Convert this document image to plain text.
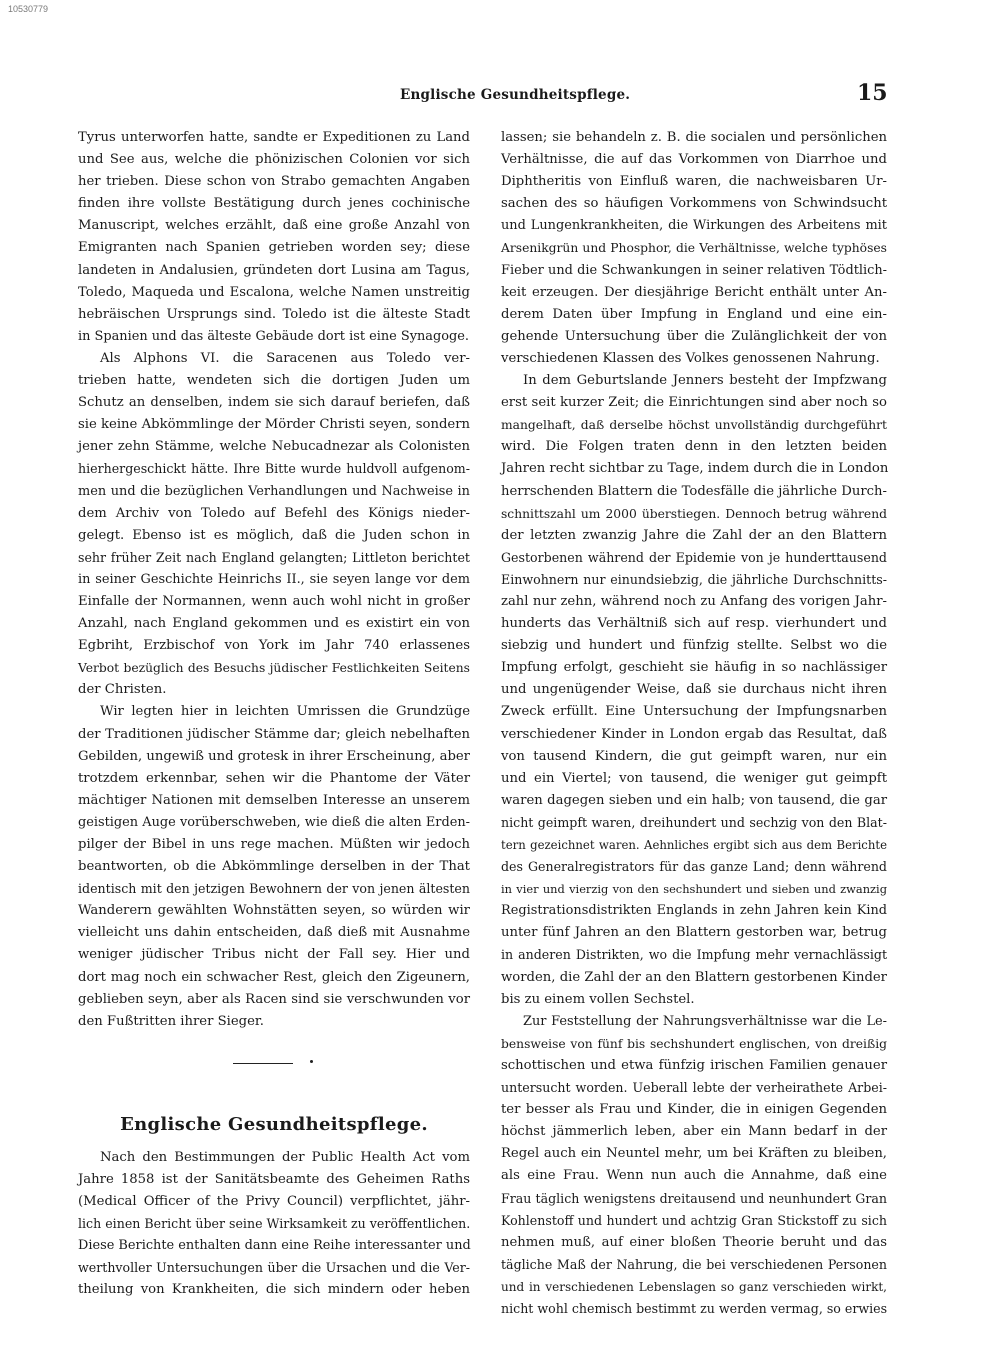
10530779
Englische Gesundheitspflege.	15
Tyrus unterworfen hatte, sandte er Expeditionen zu Land
und See aus, welche die phönizischen Colonien vor sich
her trieben. Diese schon von Strabo gemachten Angaben
finden ihre vollste Bestätigung durch jenes cochinische
Manuscript, welches erzählt, daß eine große Anzahl von
Emigranten nach Spanien getrieben worden sey; diese
landeten in Andalusien, gründeten dort Lusina am Tagus,
Toledo, Maqueda und Escalona, welche Namen unstreitig
hebräischen Ursprungs sind. Toledo ist die älteste Stadt
in Spanien und das älteste Gebäude dort ist eine Synagoge.
Als Alphons VI. die Saracenen aus Toledo ver-
trieben hatte, wendeten sich die dortigen Juden um
Schutz an denselben, indem sie sich darauf beriefen, daß
sie keine Abkömmlinge der Mörder Christi seyen, sondern
jener zehn Stämme, welche Nebucadnezar als Colonisten
hierhergeschickt hätte. Ihre Bitte wurde huldvoll aufgenom-
men und die bezüglichen Verhandlungen und Nachweise in
dem Archiv von Toledo auf Befehl des Königs nieder-
gelegt. Ebenso ist es möglich, daß die Juden schon in
sehr früher Zeit nach England gelangten; Littleton berichtet
in seiner Geschichte Heinrichs II., sie seyen lange vor dem
Einfalle der Normannen, wenn auch wohl nicht in großer
Anzahl, nach England gekommen und es existirt ein von
Egbriht, Erzbischof von York im Jahr 740 erlassenes
Verbot bezüglich des Besuchs jüdischer Festlichkeiten Seitens
der Christen.
Wir legten hier in leichten Umrissen die Grundzüge
der Traditionen jüdischer Stämme dar; gleich nebelhaften
Gebilden, ungewiß und grotesk in ihrer Erscheinung, aber
trotzdem erkennbar, sehen wir die Phantome der Väter
mächtiger Nationen mit demselben Interesse an unserem
geistigen Auge vorüberschweben, wie dieß die alten Erden-
pilger der Bibel in uns rege machen. Müßten wir jedoch
beantworten, ob die Abkömmlinge derselben in der That
identisch mit den jetzigen Bewohnern der von jenen ältesten
Wanderern gewählten Wohnstätten seyen, so würden wir
vielleicht uns dahin entscheiden, daß dieß mit Ausnahme
weniger jüdischer Tribus nicht der Fall sey. Hier und
dort mag noch ein schwacher Rest, gleich den Zigeunern,
geblieben seyn, aber als Racen sind sie verschwunden vor
den Fußtritten ihrer Sieger.
Englische Gesundheitspflege.
Nach den Bestimmungen der Public Health Act vom
Jahre 1858 ist der Sanitätsbeamte des Geheimen Raths
(Medical Officer of the Privy Council) verpflichtet, jähr-
lich einen Bericht über seine Wirksamkeit zu veröffentlichen.
Diese Berichte enthalten dann eine Reihe interessanter und
werthvoller Untersuchungen über die Ursachen und die Ver-
theilung von Krankheiten, die sich mindern oder heben
lassen; sie behandeln z. B. die socialen und persönlichen
Verhältnisse, die auf das Vorkommen von Diarrhoe und
Diphtheritis von Einfluß waren, die nachweisbaren Ur-
sachen des so häufigen Vorkommens von Schwindsucht
und Lungenkrankheiten, die Wirkungen des Arbeitens mit
Arsenikgrün und Phosphor, die Verhältnisse, welche typhöses
Fieber und die Schwankungen in seiner relativen Tödtlich-
keit erzeugen. Der diesjährige Bericht enthält unter An-
derem Daten über Impfung in England und eine ein-
gehende Untersuchung über die Zulänglichkeit der von
verschiedenen Klassen des Volkes genossenen Nahrung.
In dem Geburtslande Jenners besteht der Impfzwang
erst seit kurzer Zeit; die Einrichtungen sind aber noch so
mangelhaft, daß derselbe höchst unvollständig durchgeführt
wird. Die Folgen traten denn in den letzten beiden
Jahren recht sichtbar zu Tage, indem durch die in London
herrschenden Blattern die Todesfälle die jährliche Durch-
schnittszahl um 2000 überstiegen. Dennoch betrug während
der letzten zwanzig Jahre die Zahl der an den Blattern
Gestorbenen während der Epidemie von je hunderttausend
Einwohnern nur einundsiebzig, die jährliche Durchschnitts-
zahl nur zehn, während noch zu Anfang des vorigen Jahr-
hunderts das Verhältniß sich auf resp. vierhundert und
siebzig und hundert und fünfzig stellte. Selbst wo die
Impfung erfolgt, geschieht sie häufig in so nachlässiger
und ungenügender Weise, daß sie durchaus nicht ihren
Zweck erfüllt. Eine Untersuchung der Impfungsnarben
verschiedener Kinder in London ergab das Resultat, daß
von tausend Kindern, die gut geimpft waren, nur ein
und ein Viertel; von tausend, die weniger gut geimpft
waren dagegen sieben und ein halb; von tausend, die gar
nicht geimpft waren, dreihundert und sechzig von den Blat-
tern gezeichnet waren. Aehnliches ergibt sich aus dem Berichte
des Generalregistrators für das ganze Land; denn während
in vier und vierzig von den sechshundert und sieben und zwanzig
Registrationsdistrikten Englands in zehn Jahren kein Kind
unter fünf Jahren an den Blattern gestorben war, betrug
in anderen Distrikten, wo die Impfung mehr vernachlässigt
worden, die Zahl der an den Blattern gestorbenen Kinder
bis zu einem vollen Sechstel.
Zur Feststellung der Nahrungsverhältnisse war die Le-
bensweise von fünf bis sechshundert englischen, von dreißig
schottischen und etwa fünfzig irischen Familien genauer
untersucht worden. Ueberall lebte der verheirathete Arbei-
ter besser als Frau und Kinder, die in einigen Gegenden
höchst jämmerlich leben, aber ein Mann bedarf in der
Regel auch ein Neuntel mehr, um bei Kräften zu bleiben,
als eine Frau. Wenn nun auch die Annahme, daß eine
Frau täglich wenigstens dreitausend und neunhundert Gran
Kohlenstoff und hundert und achtzig Gran Stickstoff zu sich
nehmen muß, auf einer bloßen Theorie beruht und das
tägliche Maß der Nahrung, die bei verschiedenen Personen
und in verschiedenen Lebenslagen so ganz verschieden wirkt,
nicht wohl chemisch bestimmt zu werden vermag, so erwies
